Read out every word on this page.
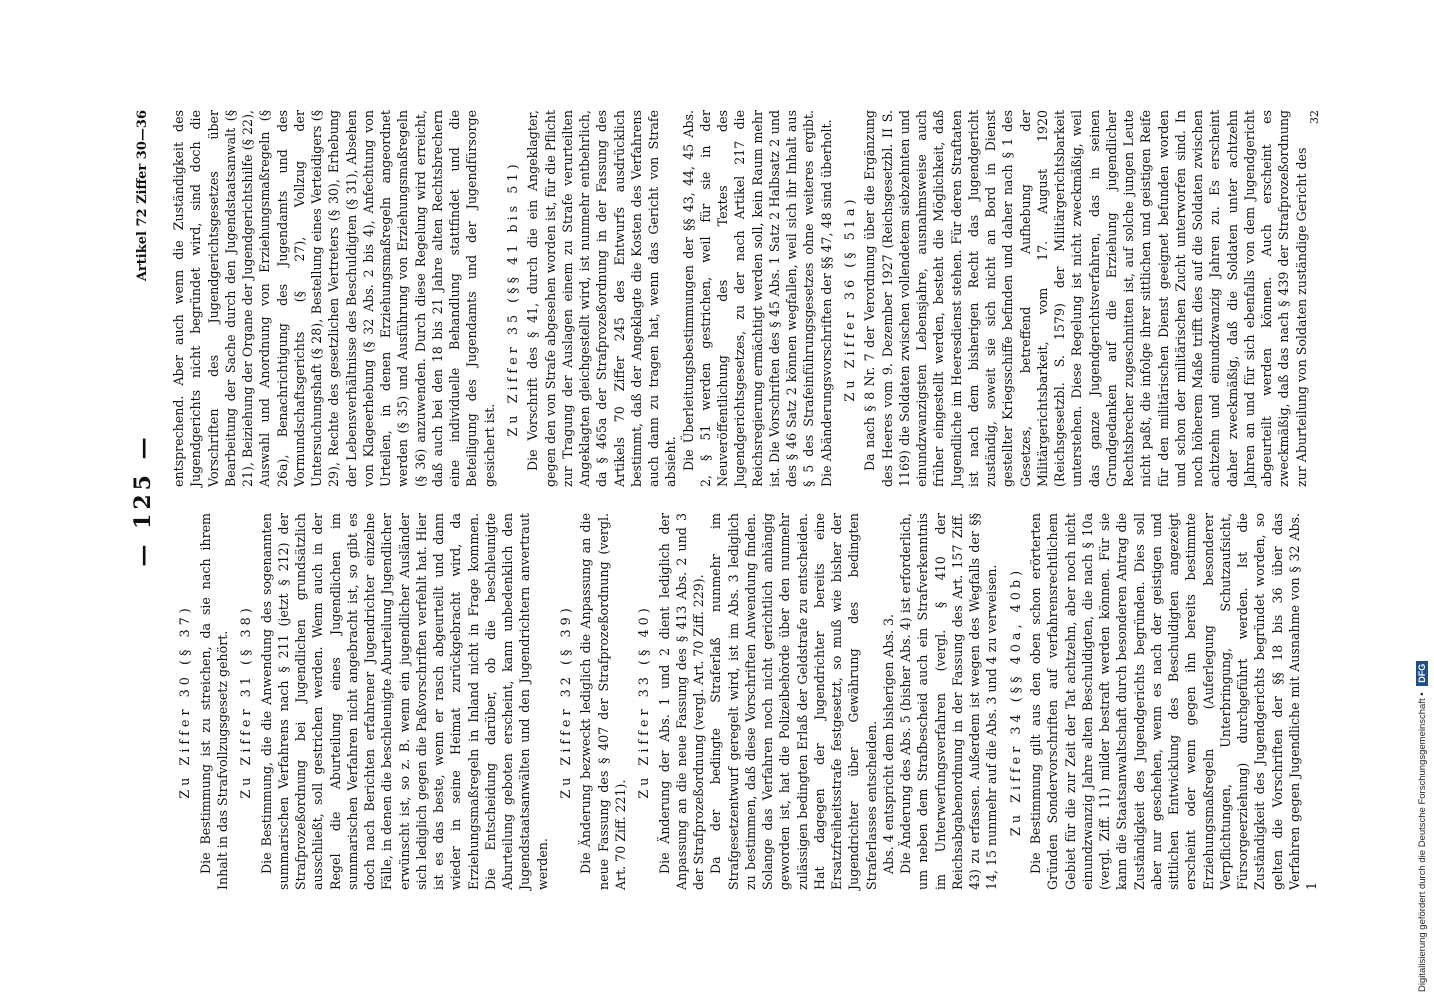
— 125 —
Artikel 72 Ziffer 30—36
Zu Ziffer 30 (§ 37) Die Bestimmung ist zu streichen, da sie nach ihrem Inhalt in das Strafvollzugsgesetz gehört. Zu Ziffer 31 (§ 38) Die Bestimmung, die die Anwendung des sogenannten summarischen Verfahrens nach § 211 (jetzt § 212) der Strafprozeßordnung bei Jugendlichen grundsätzlich ausschließt, soll gestrichen werden. Wenn auch in der Regel die Aburteilung eines Jugendlichen im summarischen Verfahren nicht angebracht ist, so gibt es doch nach Berichten erfahrener Jugendrichter einzelne Fälle, in denen die beschleunigte Aburteilung Jugendlicher erwünscht ist, so z. B. wenn ein jugendlicher Ausländer sich lediglich gegen die Paßvorschriften verfehlt hat. Hier ist es das beste, wenn er rasch abgeurteilt und dann wieder in seine Heimat zurückgebracht wird, da Erziehungsmaßregeln in Inland nicht in Frage kommen. Die Entscheidung darüber, ob die beschleunigte Aburteilung geboten erscheint, kann unbedenklich den Jugendstaatsanwälten und den Jugendrichtern anvertraut werden.

Zu Ziffer 32 (§ 39) Die Änderung bezweckt lediglich die Anpassung an die neue Fassung des § 407 der Strafprozeßordnung (vergl. Art. 70 Ziff. 221).

Zu Ziffer 33 (§ 40) Die Änderung der Abs. 1 und 2 dient lediglich der Anpassung an die neue Fassung des § 413 Abs. 2 und 3 der Strafprozeßordnung (vergl. Art. 70 Ziff. 229). Da der bedingte Straferlaß nunmehr im Strafgesetzentwurf geregelt wird, ist im Abs. 3 lediglich zu bestimmen, daß diese Vorschriften Anwendung finden. Solange das Verfahren noch nicht gerichtlich anhängig geworden ist, hat die Polizeibehörde über den nunmehr zulässigen bedingten Erlaß der Geldstrafe zu entscheiden. Hat dagegen der Jugendrichter bereits eine Ersatzfreiheitsstrafe festgesetzt, so muß wie bisher der Jugendrichter über Gewährung des bedingten Straferlasses entscheiden. Abs. 4 entspricht dem bisherigen Abs. 3. Die Änderung des Abs. 5 (bisher Abs. 4) ist erforderlich, um neben dem Strafbescheid auch ein Strafverkenntnis im Unterwerfungsverfahren (vergl. § 410 der Reichsabgabenordnung in der Fassung des Art. 157 Ziff. 43) zu erfassen. Außerdem ist wegen des Wegfalls der §§ 14, 15 nunmehr auf die Abs. 3 und 4 zu verweisen. Zu Ziffer 34 (§§ 40a, 40b) Die Bestimmung gilt aus den oben schon erörterten Gründen Sondervorschriften auf verfahrensrechtlichem Gebiet für die zur Zeit der Tat achtzehn, aber noch nicht einundzwanzig Jahre alten Beschuldigten, die nach § 10a (vergl. Ziff. 11) milder bestraft werden können. Für sie kann die Staatsanwaltschaft durch besonderen Antrag die Zuständigkeit des Jugendgerichts begründen. Dies soll aber nur geschehen, wenn es nach der geistigen und sittlichen Entwicklung des Beschuldigten angezeigt erscheint oder wenn gegen ihn bereits bestimmte Erziehungsmaßregeln (Auferlegung besonderer Verpflichtungen, Unterbringung, Schutzaufsicht, Fürsorgeerziehung) durchgeführt werden. Ist die Zuständigkeit des Jugendgerichts begründet worden, so gelten die Vorschriften der §§ 18 bis 36 über das Verfahren gegen Jugendliche mit Ausnahme von § 32 Abs. 1

entsprechend. Aber auch wenn die Zuständigkeit des Jugendgerichts nicht begründet wird, sind doch die Vorschriften des Jugendgerichtsgesetzes über Bearbeitung der Sache durch den Jugendstaatsanwalt (§ 21), Beiziehung der Organe der Jugendgerichtshilfe (§ 22), Auswahl und Anordnung von Erziehungsmaßregeln (§ 26a), Benachrichtigung des Jugendamts und des Vormundschaftsgerichts (§ 27), Vollzug der Untersuchungshaft (§ 28), Bestellung eines Verteidigers (§ 29), Rechte des gesetzlichen Vertreters (§ 30), Erhebung der Lebensverhältnisse des Beschuldigten (§ 31), Absehen von Klageerhebung (§ 32 Abs. 2 bis 4), Anfechtung von Urteilen, in denen Erziehungsmaßregeln angeordnet werden (§ 35) und Ausführung von Erziehungsmaßregeln (§ 36) anzuwenden. Durch diese Regelung wird erreicht, daß auch bei den 18 bis 21 Jahre alten Rechtsbrechern eine individuelle Behandlung stattfindet und die Beteiligung des Jugendamts und der Jugendfürsorge gesichert ist.

Zu Ziffer 35 (§§ 41 bis 51) Die Vorschrift des § 41, durch die ein Angeklagter, gegen den von Strafe abgesehen worden ist, für die Pflicht zur Tragung der Auslagen einem zu Strafe verurteilten Angeklagten gleichgestellt wird, ist nunmehr entbehrlich, da § 465a der Strafprozeßordnung in der Fassung des Artikels 70 Ziffer 245 des Entwurfs ausdrücklich bestimmt, daß der Angeklagte die Kosten des Verfahrens auch dann zu tragen hat, wenn das Gericht von Strafe absieht. Die Überleitungsbestimmungen der §§ 43, 44, 45 Abs. 2, § 51 werden gestrichen, weil für sie in der Neuveröffentlichung des Textes des Jugendgerichtsgesetzes, zu der nach Artikel 217 die Reichsregierung ermächtigt werden soll, kein Raum mehr ist. Die Vorschriften des § 45 Abs. 1 Satz 2 Halbsatz 2 und des § 46 Satz 2 können wegfallen, weil sich ihr Inhalt aus § 5 des Strafeinführungsgesetzes ohne weiteres ergibt. Die Abänderungsvorschriften der §§ 47, 48 sind überholt. Zu Ziffer 36 (§ 51a) Da nach § 8 Nr. 7 der Verordnung über die Ergänzung des Heeres vom 9. Dezember 1927 (Reichsgesetzbl. II S. 1169) die Soldaten zwischen vollendetem siebzehnten und einundzwanzigsten Lebensjahre, ausnahmsweise auch früher eingestellt werden, besteht die Möglichkeit, daß Jugendliche im Heeresdienst stehen. Für deren Straftaten ist nach dem bisherigen Recht das Jugendgericht zuständig, soweit sie sich nicht an Bord in Dienst gestellter Kriegsschiffe befinden und daher nach § 1 des Gesetzes, betreffend Aufhebung der Militärgerichtsbarkeit, vom 17. August 1920 (Reichsgesetzbl. S. 1579) der Militärgerichtsbarkeit unterstehen. Diese Regelung ist nicht zweckmäßig, weil das ganze Jugendgerichtsverfahren, das in seinen Grundgedanken auf die Erziehung jugendlicher Rechtsbrecher zugeschnitten ist, auf solche jungen Leute nicht paßt, die infolge ihrer sittlichen und geistigen Reife für den militärischen Dienst geeignet befunden worden und schon der militärischen Zucht unterworfen sind. In noch höherem Maße trifft dies auf die Soldaten zwischen achtzehn und einundzwanzig Jahren zu. Es erscheint daher zweckmäßig, daß die Soldaten unter achtzehn Jahren an und für sich ebenfalls von dem Jugendgericht abgeurteilt werden können. Auch erscheint es zweckmäßig, daß das nach § 439 der Strafprozeßordnung zur Aburteilung von Soldaten zuständige Gericht des

32
Digitalisierung gefördert durch die Deutsche Forschungsgemeinschaft • DFG
